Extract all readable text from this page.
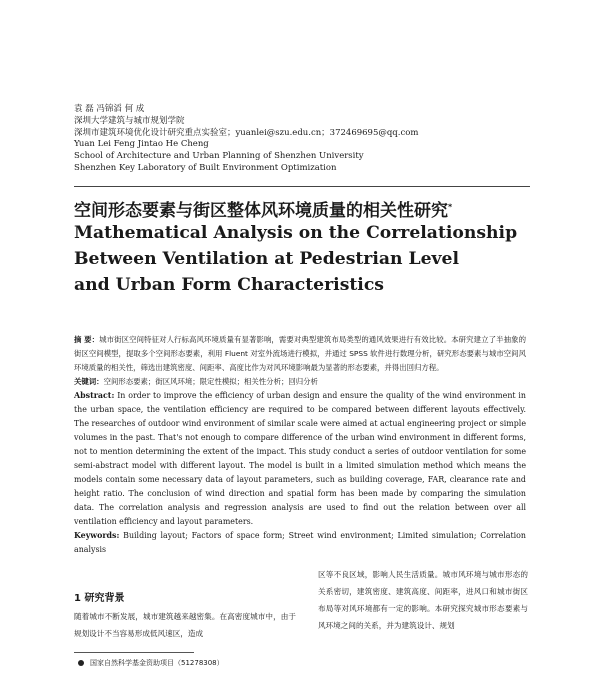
袁 磊 冯锦滔 何 成
深圳大学建筑与城市规划学院
深圳市建筑环境优化设计研究重点实验室；yuanlei@szu.edu.cn；372469695@qq.com
Yuan Lei Feng Jintao He Cheng
School of Architecture and Urban Planning of Shenzhen University
Shenzhen Key Laboratory of Built Environment Optimization
空间形态要素与街区整体风环境质量的相关性研究*
Mathematical Analysis on the Correlationship
Between Ventilation at Pedestrian Level
and Urban Form Characteristics

摘 要：城市街区空间特征对人行标高风环境质量有显著影响，需要对典型建筑布局类型的通风效果进行有效比较。本研究建立了半抽象的街区空间模型，提取多个空间形态要素，利用 Fluent 对室外流场进行模拟，并通过 SPSS 软件进行数理分析，研究形态要素与城市空间风环境质量的相关性，筛选出建筑密度、间距率、高度比作为对风环境影响最为显著的形态要素，并得出回归方程。

关键词：空间形态要素；街区风环境；限定性模拟；相关性分析；回归分析

Abstract: In order to improve the efficiency of urban design and ensure the quality of the wind environment in the urban space, the ventilation efficiency are required to be compared between different layouts effectively. The researches of outdoor wind environment of similar scale were aimed at actual engineering project or simple volumes in the past. That's not enough to compare difference of the urban wind environment in different forms, not to mention determining the extent of the impact. This study conduct a series of outdoor ventilation for some semi-abstract model with different layout. The model is built in a limited simulation method which means the models contain some necessary data of layout parameters, such as building coverage, FAR, clearance rate and height ratio. The conclusion of wind direction and spatial form has been made by comparing the simulation data. The correlation analysis and regression analysis are used to find out the relation between over all ventilation efficiency and layout parameters.

Keywords: Building layout; Factors of space form; Street wind environment; Limited simulation; Correlation analysis

1 研究背景
随着城市不断发展，城市建筑越来越密集。在高密度城市中，由于规划设计不当容易形成低风速区，造成
区等不良区域，影响人民生活质量。城市风环境与城市形态的关系密切，建筑密度、建筑高度、间距率，进风口和城市街区布局等对风环境都有一定的影响。本研究探究城市形态要素与风环境之间的关系，并为建筑设计、规划
国家自然科学基金资助项目（51278308）
